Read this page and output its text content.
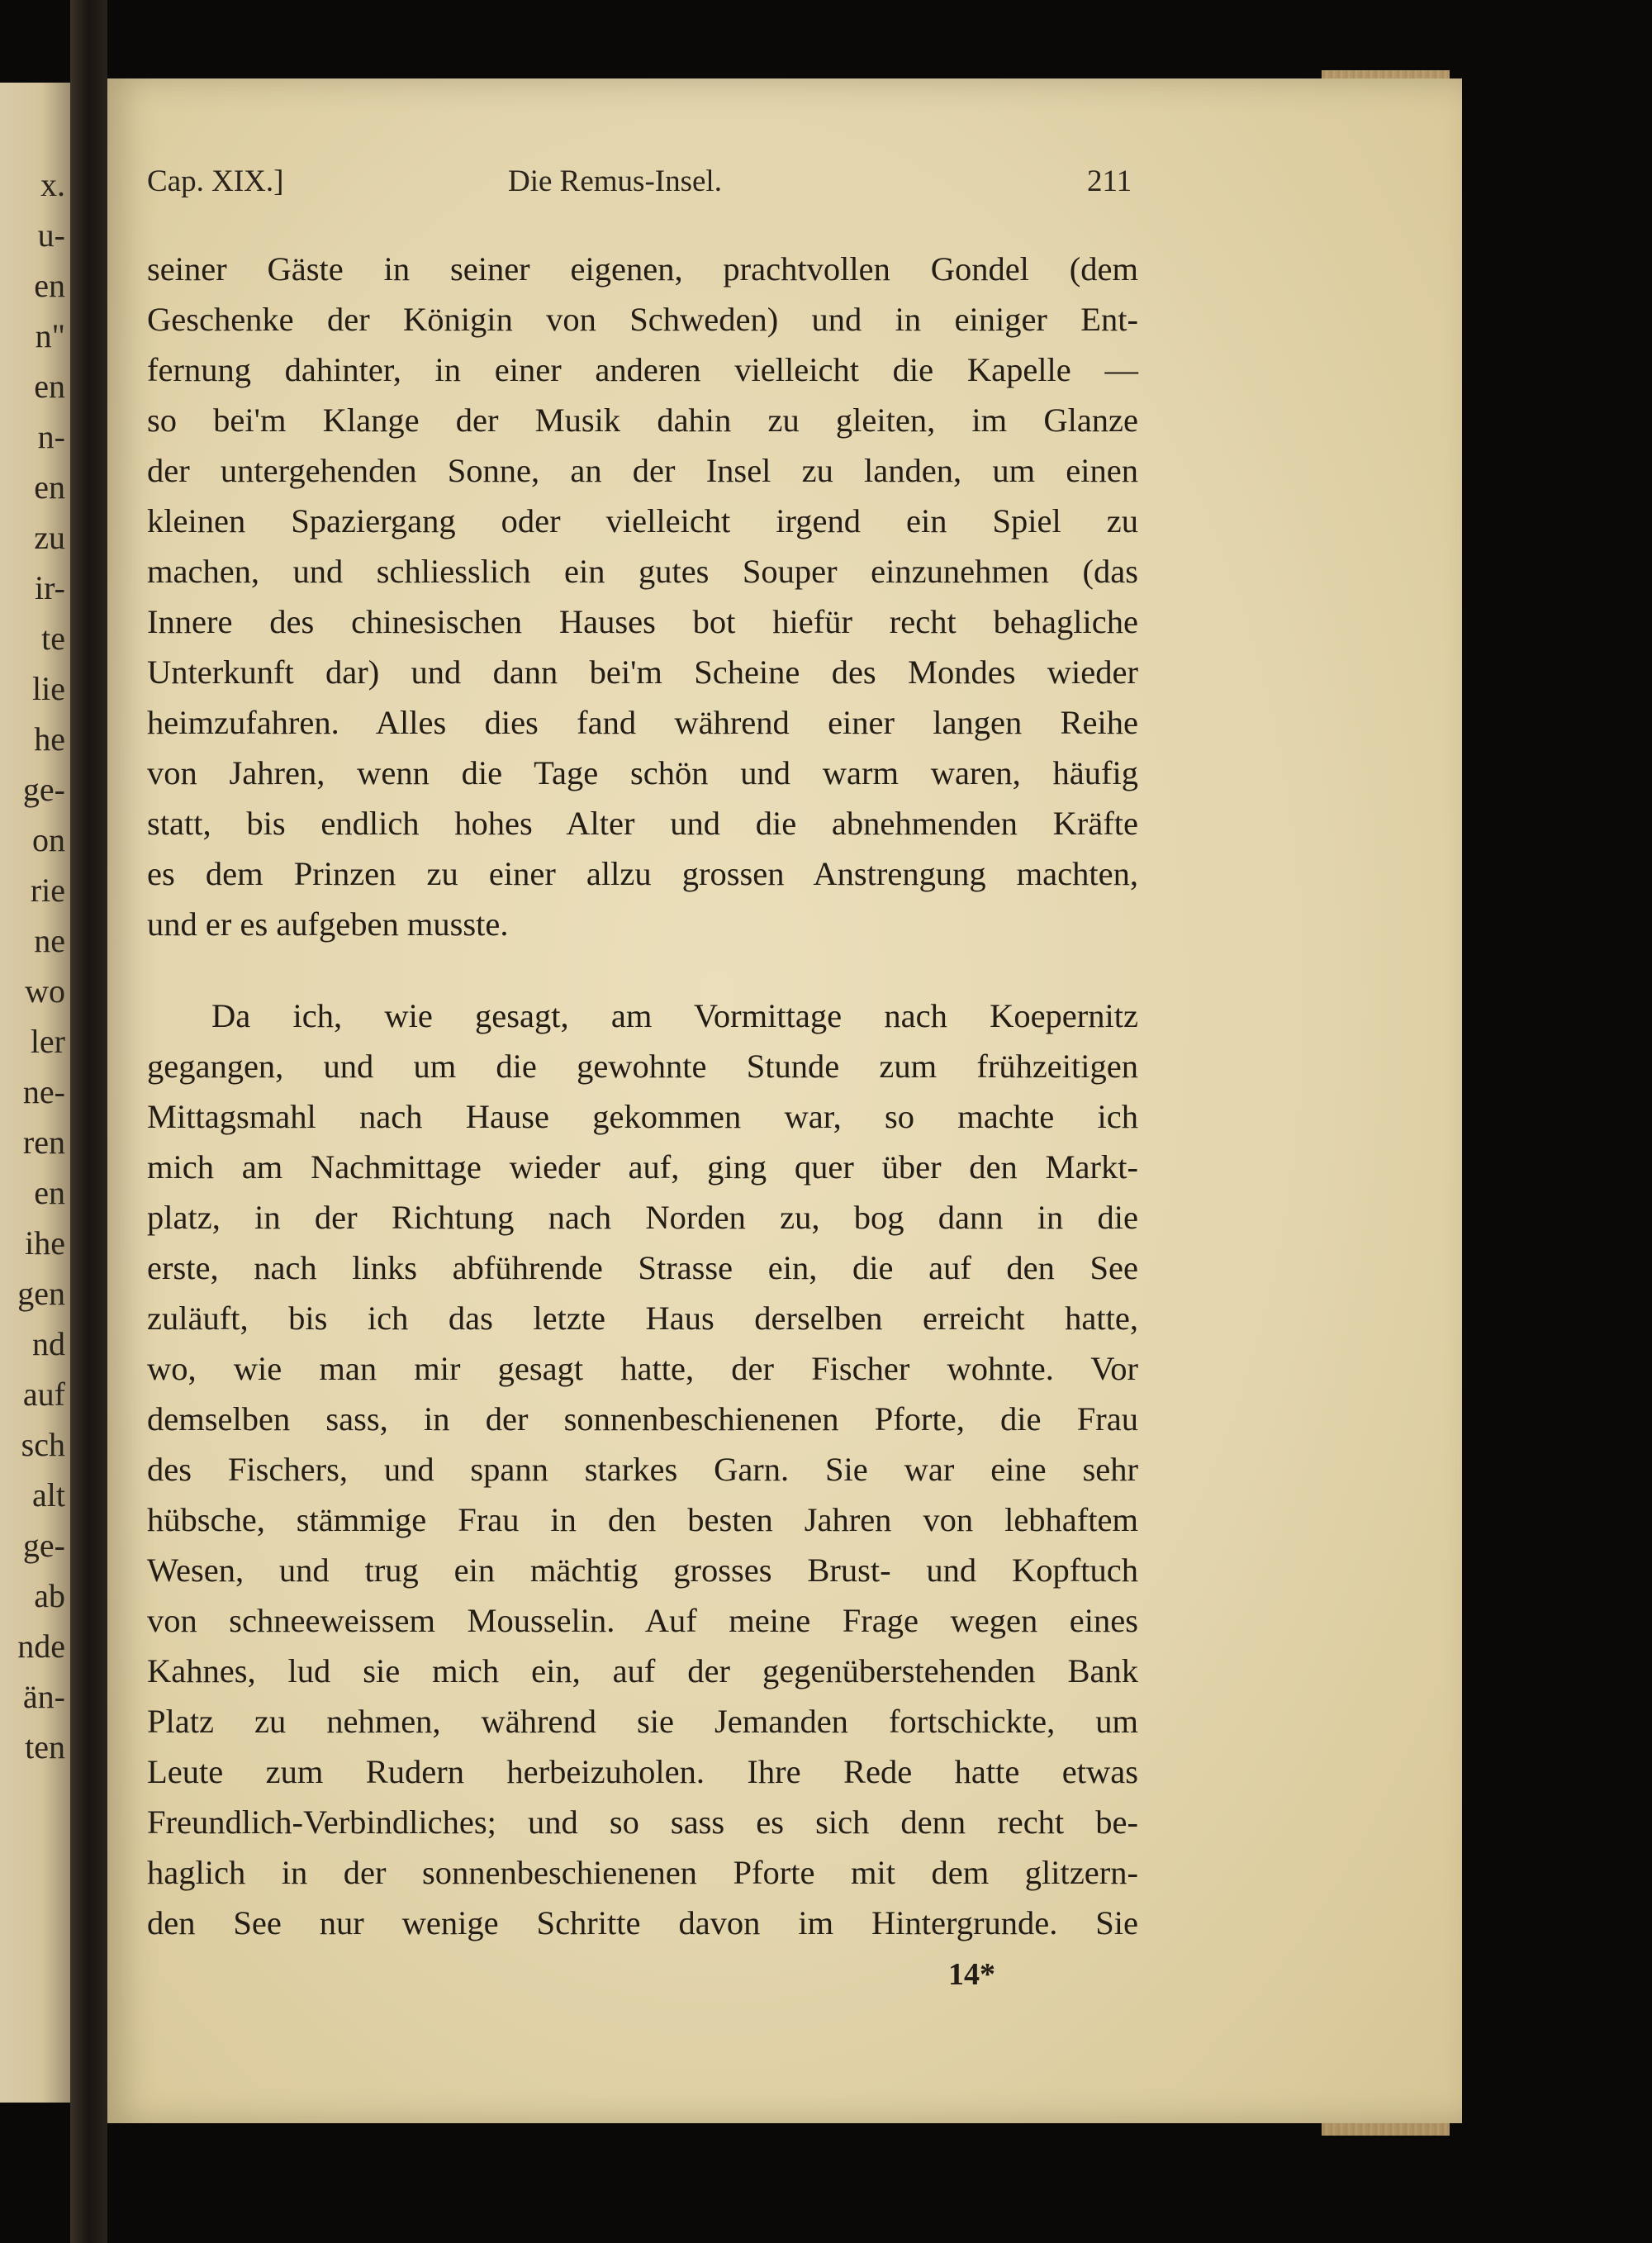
x.
u-
en
n"
en
n-
en
zu
ir-
te
lie
he
ge-
on
rie
ne
wo
ler
ne-
ren
en
ihe
gen
nd
auf
sch
alt
ge-
ab
nde
än-
ten
Cap. XIX.]	Die Remus-Insel.	211
seiner Gäste in seiner eigenen, prachtvollen Gondel (dem
Geschenke der Königin von Schweden) und in einiger Ent-
fernung dahinter, in einer anderen vielleicht die Kapelle —
so bei'm Klange der Musik dahin zu gleiten, im Glanze
der untergehenden Sonne, an der Insel zu landen, um einen
kleinen Spaziergang oder vielleicht irgend ein Spiel zu
machen, und schliesslich ein gutes Souper einzunehmen (das
Innere des chinesischen Hauses bot hiefür recht behagliche
Unterkunft dar) und dann bei'm Scheine des Mondes wieder
heimzufahren. Alles dies fand während einer langen Reihe
von Jahren, wenn die Tage schön und warm waren, häufig
statt, bis endlich hohes Alter und die abnehmenden Kräfte
es dem Prinzen zu einer allzu grossen Anstrengung machten,
und er es aufgeben musste.
Da ich, wie gesagt, am Vormittage nach Koepernitz
gegangen, und um die gewohnte Stunde zum frühzeitigen
Mittagsmahl nach Hause gekommen war, so machte ich
mich am Nachmittage wieder auf, ging quer über den Markt-
platz, in der Richtung nach Norden zu, bog dann in die
erste, nach links abführende Strasse ein, die auf den See
zuläuft, bis ich das letzte Haus derselben erreicht hatte,
wo, wie man mir gesagt hatte, der Fischer wohnte. Vor
demselben sass, in der sonnenbeschienenen Pforte, die Frau
des Fischers, und spann starkes Garn. Sie war eine sehr
hübsche, stämmige Frau in den besten Jahren von lebhaftem
Wesen, und trug ein mächtig grosses Brust- und Kopftuch
von schneeweissem Mousselin. Auf meine Frage wegen eines
Kahnes, lud sie mich ein, auf der gegenüberstehenden Bank
Platz zu nehmen, während sie Jemanden fortschickte, um
Leute zum Rudern herbeizuholen. Ihre Rede hatte etwas
Freundlich-Verbindliches; und so sass es sich denn recht be-
haglich in der sonnenbeschienenen Pforte mit dem glitzern-
den See nur wenige Schritte davon im Hintergrunde. Sie
14*
